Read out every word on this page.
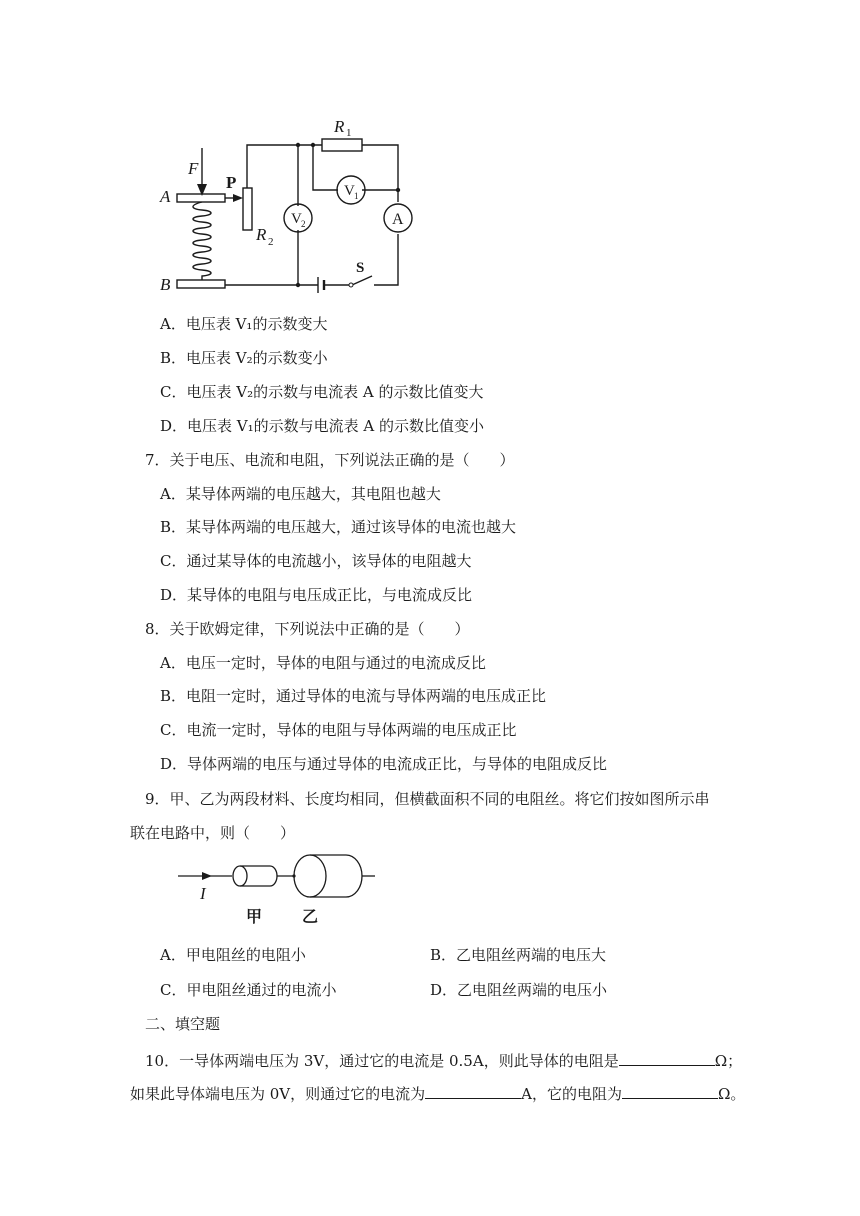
F
A
B
P
R 1
R 2
V 2
V 1
A
S
A．电压表 V₁的示数变大
B．电压表 V₂的示数变小
C．电压表 V₂的示数与电流表 A 的示数比值变大
D．电压表 V₁的示数与电流表 A 的示数比值变小
7．关于电压、电流和电阻，下列说法正确的是（　　）
A．某导体两端的电压越大，其电阻也越大
B．某导体两端的电压越大，通过该导体的电流也越大
C．通过某导体的电流越小，该导体的电阻越大
D．某导体的电阻与电压成正比，与电流成反比
8．关于欧姆定律，下列说法中正确的是（　　）
A．电压一定时，导体的电阻与通过的电流成反比
B．电阻一定时，通过导体的电流与导体两端的电压成正比
C．电流一定时，导体的电阻与导体两端的电压成正比
D．导体两端的电压与通过导体的电流成正比，与导体的电阻成反比
9．甲、乙为两段材料、长度均相同，但横截面积不同的电阻丝。将它们按如图所示串
联在电路中，则（　　）
I
甲 乙
A．甲电阻丝的电阻小	B．乙电阻丝两端的电压大
C．甲电阻丝通过的电流小	D．乙电阻丝两端的电压小
二、填空题
10．一导体两端电压为 3V，通过它的电流是 0.5A，则此导体的电阻是	Ω；
如果此导体端电压为 0V，则通过它的电流为	A，它的电阻为	Ω。
